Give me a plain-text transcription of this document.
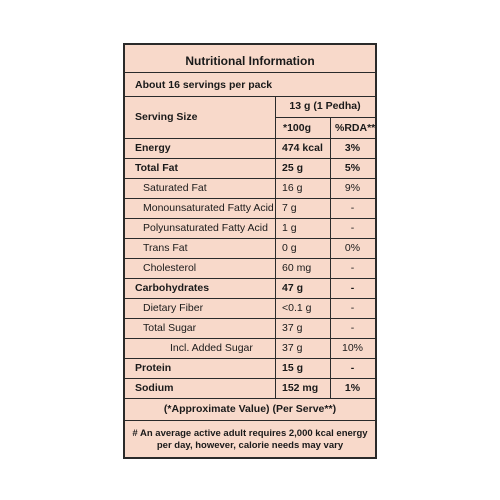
Nutritional Information
About 16 servings per pack
Serving Size
13 g (1 Pedha)
*100g %RDA**
(*Approximate Value) (Per Serve**)
# An average active adult requires 2,000 kcal energy
per day, however, calorie needs may vary
Energy	474 kcal	3%
Total Fat	25 g	5%
Saturated Fat	16 g	9%
Monounsaturated Fatty Acid 7 g	-
Polyunsaturated Fatty Acid 1 g	-
Trans Fat	0 g	0%
Cholesterol	60 mg	-
Carbohydrates	47 g	-
Dietary Fiber	<0.1 g	-
Total Sugar	37 g	-
Incl. Added Sugar	37 g	10%
Protein	15 g	-
Sodium	152 mg	1%
